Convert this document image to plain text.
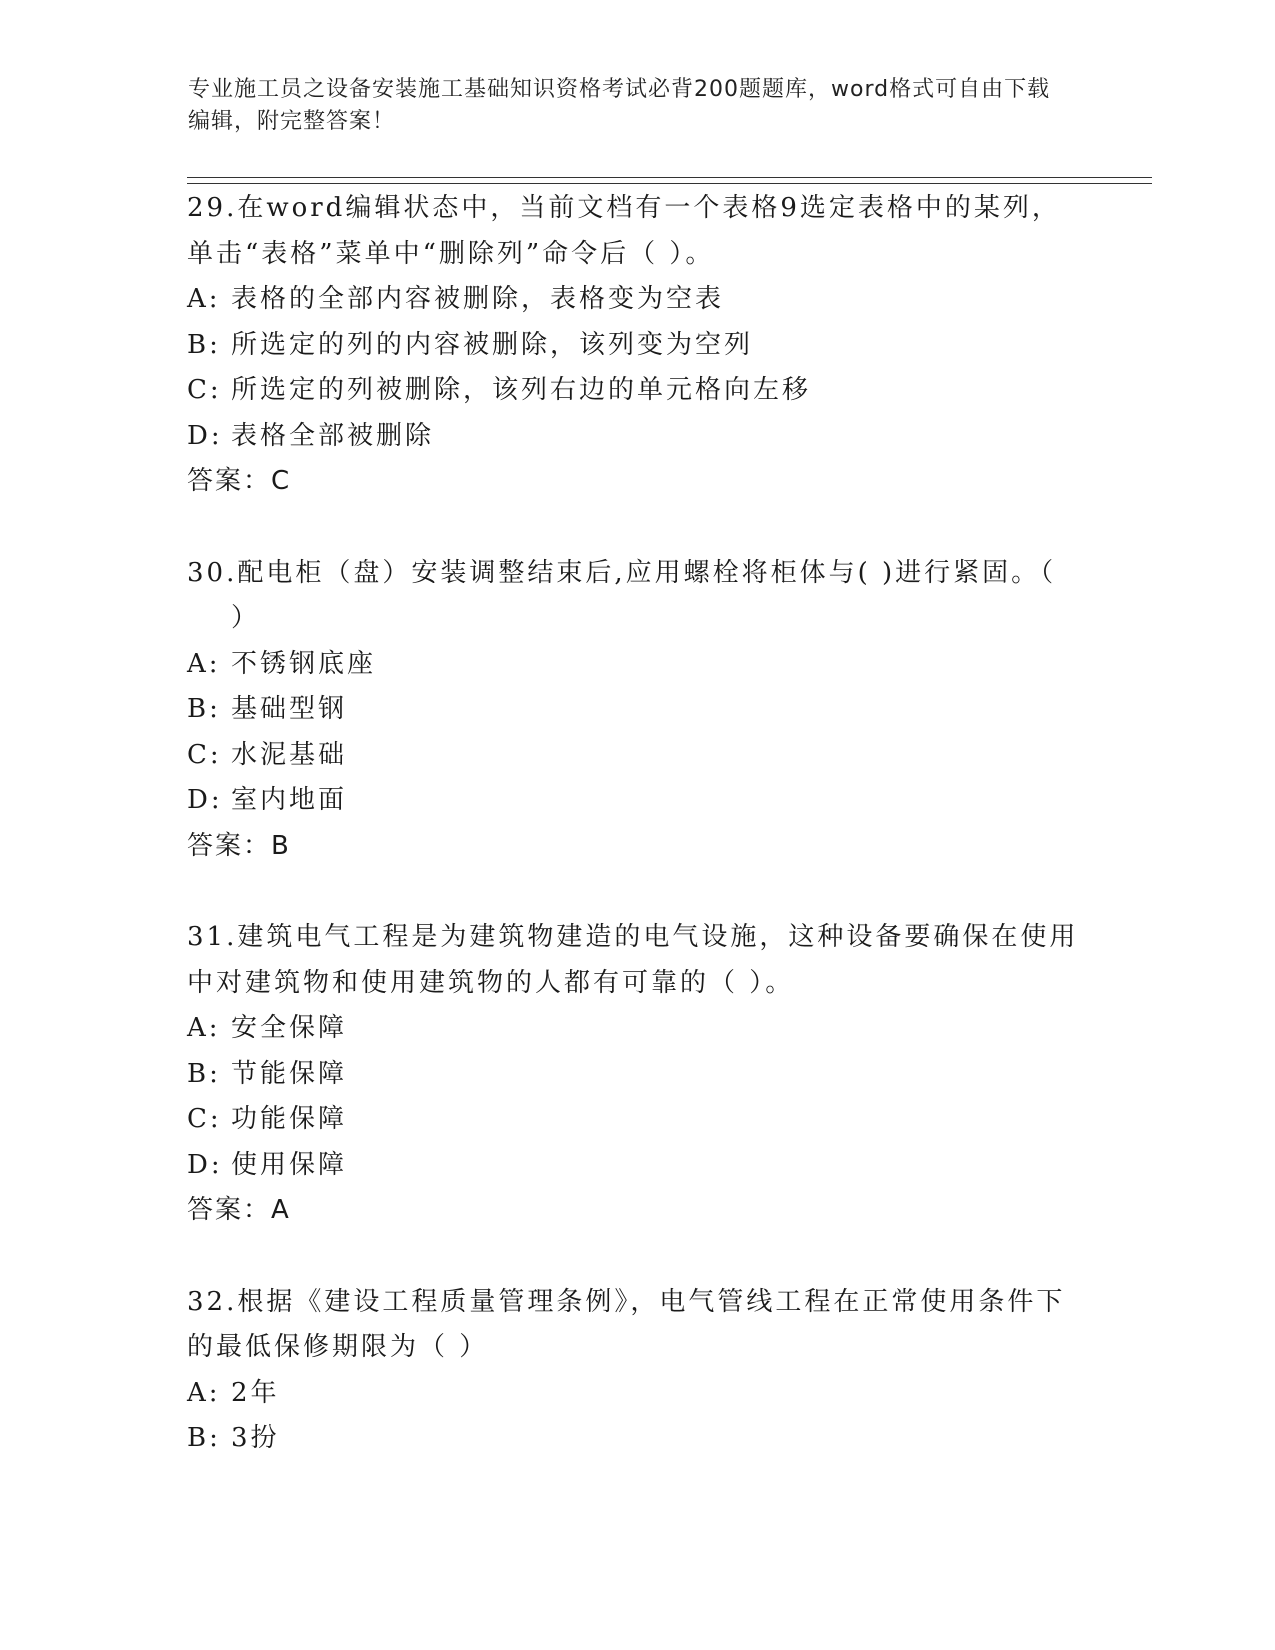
专业施工员之设备安装施工基础知识资格考试必背200题题库，word格式可自由下载编辑，附完整答案！

29.在word编辑状态中，当前文档有一个表格9选定表格中的某列，单击“表格”菜单中“删除列”命令后（ ）。

A: 表格的全部内容被删除，表格变为空表

B: 所选定的列的内容被删除，该列变为空列

C: 所选定的列被删除，该列右边的单元格向左移

D: 表格全部被删除

答案：C

30.配电柜（盘）安装调整结束后,应用螺栓将柜体与( )进行紧固。（
）

A: 不锈钢底座

B: 基础型钢

C: 水泥基础

D: 室内地面

答案：B

31.建筑电气工程是为建筑物建造的电气设施，这种设备要确保在使用中对建筑物和使用建筑物的人都有可靠的（ ）。

A: 安全保障

B: 节能保障

C: 功能保障

D: 使用保障

答案：A

32.根据《建设工程质量管理条例》，电气管线工程在正常使用条件下的最低保修期限为（ ）

A: 2年

B: 3扮
